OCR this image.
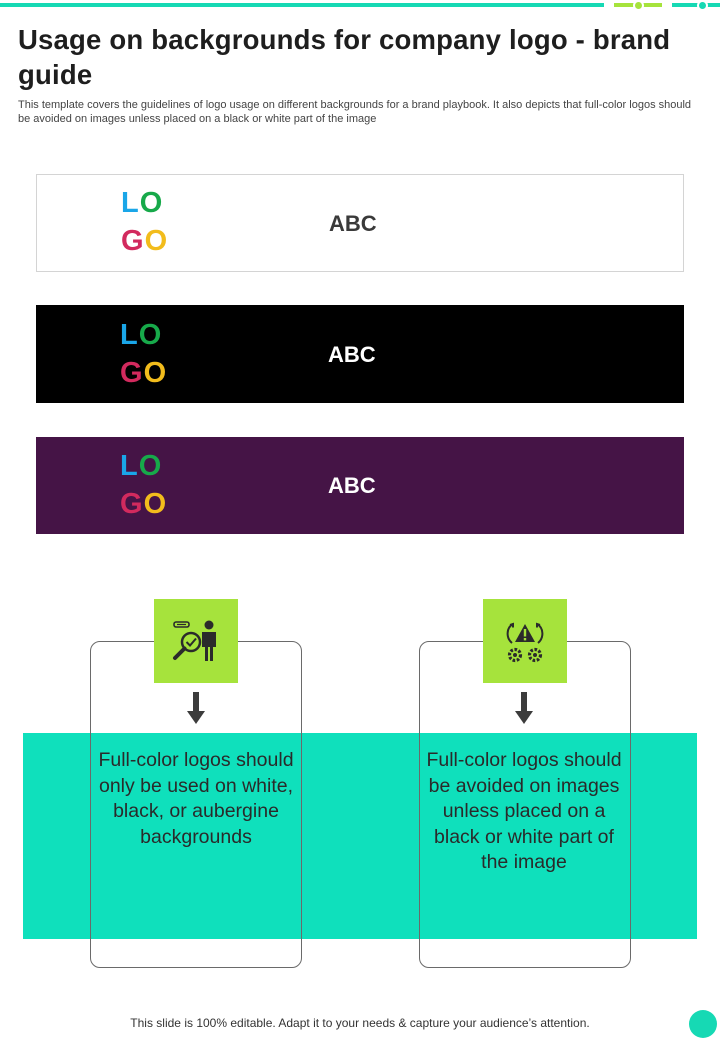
Usage on backgrounds for company logo - brand guide

This template covers the guidelines of logo usage on different backgrounds for a brand playbook. It also depicts that full-color logos should be avoided on images unless placed on a black or white part of the image

LO
GO
ABC
LO
GO
ABC
LO
GO
ABC
Full-color logos should only be used on white, black, or aubergine backgrounds
Full-color logos should be avoided on images unless placed on a black or white part of the image
This slide is 100% editable. Adapt it to your needs & capture your audience’s attention.
